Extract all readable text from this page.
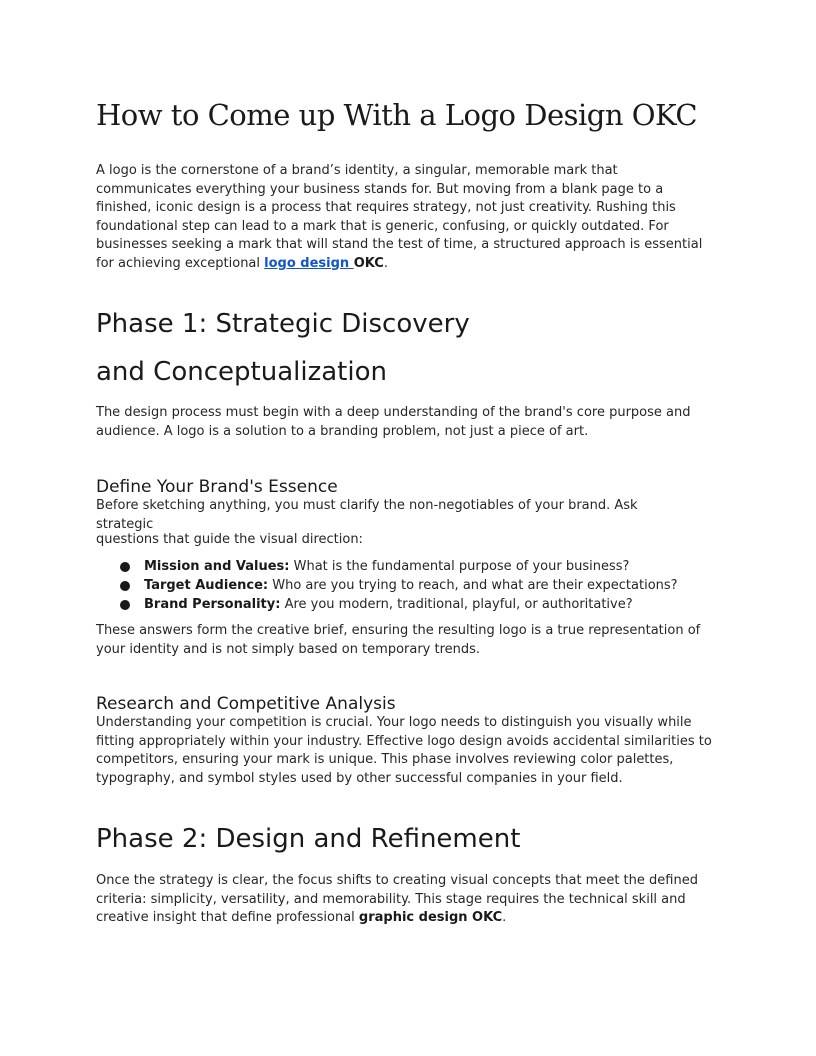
How to Come up With a Logo Design OKC

A logo is the cornerstone of a brand’s identity, a singular, memorable mark that communicates everything your business stands for. But moving from a blank page to a finished, iconic design is a process that requires strategy, not just creativity. Rushing this foundational step can lead to a mark that is generic, confusing, or quickly outdated. For businesses seeking a mark that will stand the test of time, a structured approach is essential for achieving exceptional logo design OKC.

Phase 1: Strategic Discovery
and Conceptualization

The design process must begin with a deep understanding of the brand's core purpose and audience. A logo is a solution to a branding problem, not just a piece of art.

Define Your Brand's Essence

Before sketching anything, you must clarify the non-negotiables of your brand. Ask strategic

questions that guide the visual direction:

Mission and Values: What is the fundamental purpose of your business?
Target Audience: Who are you trying to reach, and what are their expectations?
Brand Personality: Are you modern, traditional, playful, or authoritative?

These answers form the creative brief, ensuring the resulting logo is a true representation of your identity and is not simply based on temporary trends.

Research and Competitive Analysis

Understanding your competition is crucial. Your logo needs to distinguish you visually while fitting appropriately within your industry. Effective logo design avoids accidental similarities to competitors, ensuring your mark is unique. This phase involves reviewing color palettes, typography, and symbol styles used by other successful companies in your field.

Phase 2: Design and Refinement

Once the strategy is clear, the focus shifts to creating visual concepts that meet the defined criteria: simplicity, versatility, and memorability. This stage requires the technical skill and creative insight that define professional graphic design OKC.
